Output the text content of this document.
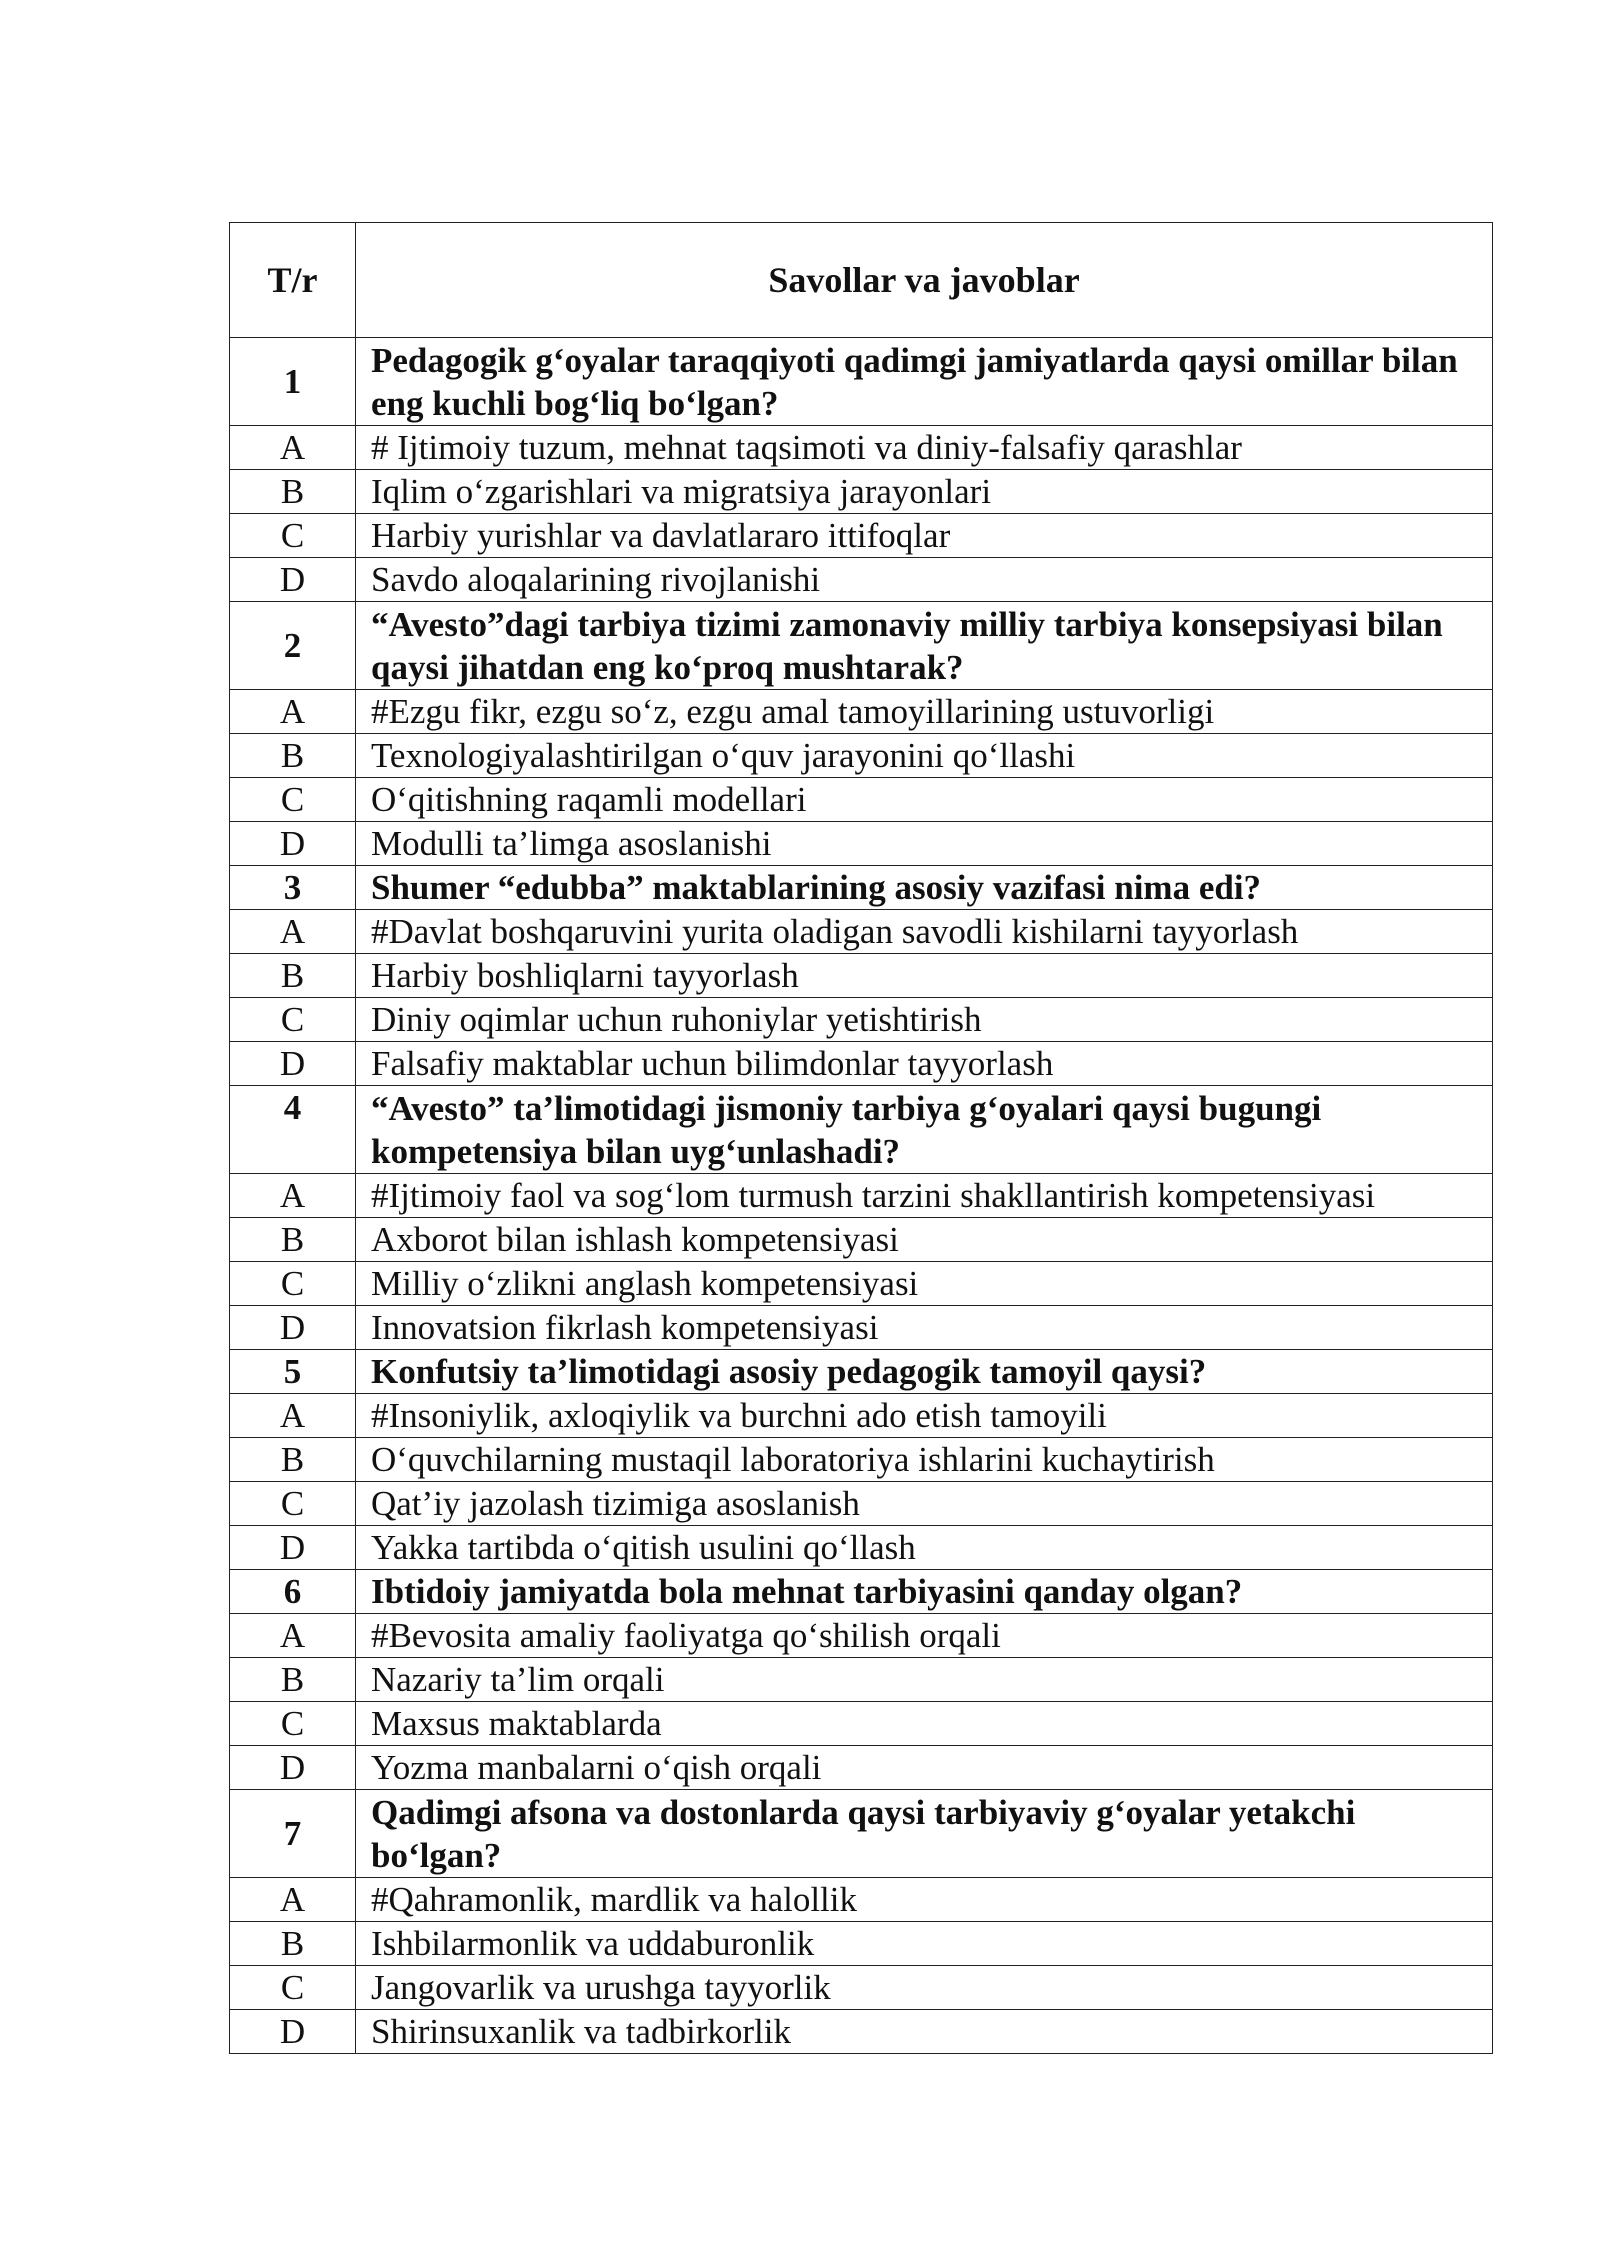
T/r	Savollar va javoblar
1	Pedagogik g‘oyalar taraqqiyoti qadimgi jamiyatlarda qaysi omillar bilan eng kuchli bog‘liq bo‘lgan?
A	# Ijtimoiy tuzum, mehnat taqsimoti va diniy-falsafiy qarashlar
B	Iqlim o‘zgarishlari va migratsiya jarayonlari
C	Harbiy yurishlar va davlatlararo ittifoqlar
D	Savdo aloqalarining rivojlanishi
2	“Avesto”dagi tarbiya tizimi zamonaviy milliy tarbiya konsepsiyasi bilan qaysi jihatdan eng ko‘proq mushtarak?
A	#Ezgu fikr, ezgu so‘z, ezgu amal tamoyillarining ustuvorligi
B	Texnologiyalashtirilgan o‘quv jarayonini qo‘llashi
C	O‘qitishning raqamli modellari
D	Modulli ta’limga asoslanishi
3	Shumer “edubba” maktablarining asosiy vazifasi nima edi?
A	#Davlat boshqaruvini yurita oladigan savodli kishilarni tayyorlash
B	Harbiy boshliqlarni tayyorlash
C	Diniy oqimlar uchun ruhoniylar yetishtirish
D	Falsafiy maktablar uchun bilimdonlar tayyorlash
4	“Avesto” ta’limotidagi jismoniy tarbiya g‘oyalari qaysi bugungi kompetensiya bilan uyg‘unlashadi?
A	#Ijtimoiy faol va sog‘lom turmush tarzini shakllantirish kompetensiyasi
B	Axborot bilan ishlash kompetensiyasi
C	Milliy o‘zlikni anglash kompetensiyasi
D	Innovatsion fikrlash kompetensiyasi
5	Konfutsiy ta’limotidagi asosiy pedagogik tamoyil qaysi?
A	#Insoniylik, axloqiylik va burchni ado etish tamoyili
B	O‘quvchilarning mustaqil laboratoriya ishlarini kuchaytirish
C	Qat’iy jazolash tizimiga asoslanish
D	Yakka tartibda o‘qitish usulini qo‘llash
6	Ibtidoiy jamiyatda bola mehnat tarbiyasini qanday olgan?
A	#Bevosita amaliy faoliyatga qo‘shilish orqali
B	Nazariy ta’lim orqali
C	Maxsus maktablarda
D	Yozma manbalarni o‘qish orqali
7	Qadimgi afsona va dostonlarda qaysi tarbiyaviy g‘oyalar yetakchi bo‘lgan?
A	#Qahramonlik, mardlik va halollik
B	Ishbilarmonlik va uddaburonlik
C	Jangovarlik va urushga tayyorlik
D	Shirinsuxanlik va tadbirkorlik
